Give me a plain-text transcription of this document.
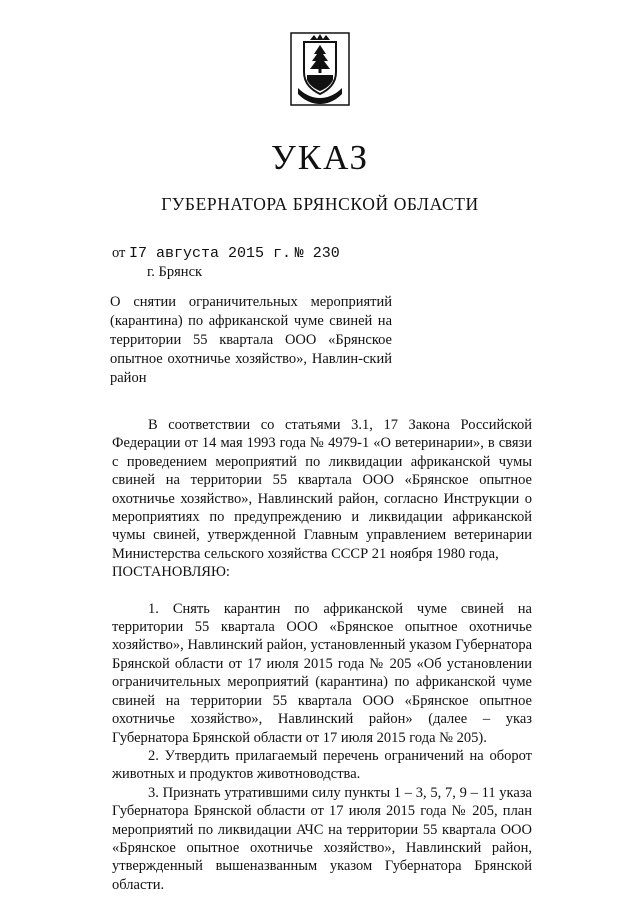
УКАЗ
ГУБЕРНАТОРА БРЯНСКОЙ ОБЛАСТИ
от I7 августа 2015 г. № 230
г. Брянск
О снятии ограничительных мероприятий (карантина) по африканской чуме свиней на территории 55 квартала ООО «Брянское опытное охотничье хозяйство», Навлин-ский район

В соответствии со статьями 3.1, 17 Закона Российской Федерации от 14 мая 1993 года № 4979-1 «О ветеринарии», в связи с проведением мероприятий по ликвидации африканской чумы свиней на территории 55 квартала ООО «Брянское опытное охотничье хозяйство», Навлинский район, согласно Инструкции о мероприятиях по предупреждению и ликвидации африканской чумы свиней, утвержденной Главным управлением ветеринарии Министерства сельского хозяйства СССР 21 ноября 1980 года,

ПОСТАНОВЛЯЮ:

1. Снять карантин по африканской чуме свиней на территории 55 квартала ООО «Брянское опытное охотничье хозяйство», Навлинский район, установленный указом Губернатора Брянской области от 17 июля 2015 года № 205 «Об установлении ограничительных мероприятий (карантина) по африканской чуме свиней на территории 55 квартала ООО «Брянское опытное охотничье хозяйство», Навлинский район» (далее – указ Губернатора Брянской области от 17 июля 2015 года № 205).

2. Утвердить прилагаемый перечень ограничений на оборот животных и продуктов животноводства.

3. Признать утратившими силу пункты 1 – 3, 5, 7, 9 – 11 указа Губернатора Брянской области от 17 июля 2015 года № 205, план мероприятий по ликвидации АЧС на территории 55 квартала ООО «Брянское опытное охотничье хозяйство», Навлинский район, утвержденный вышеназванным указом Губернатора Брянской области.
